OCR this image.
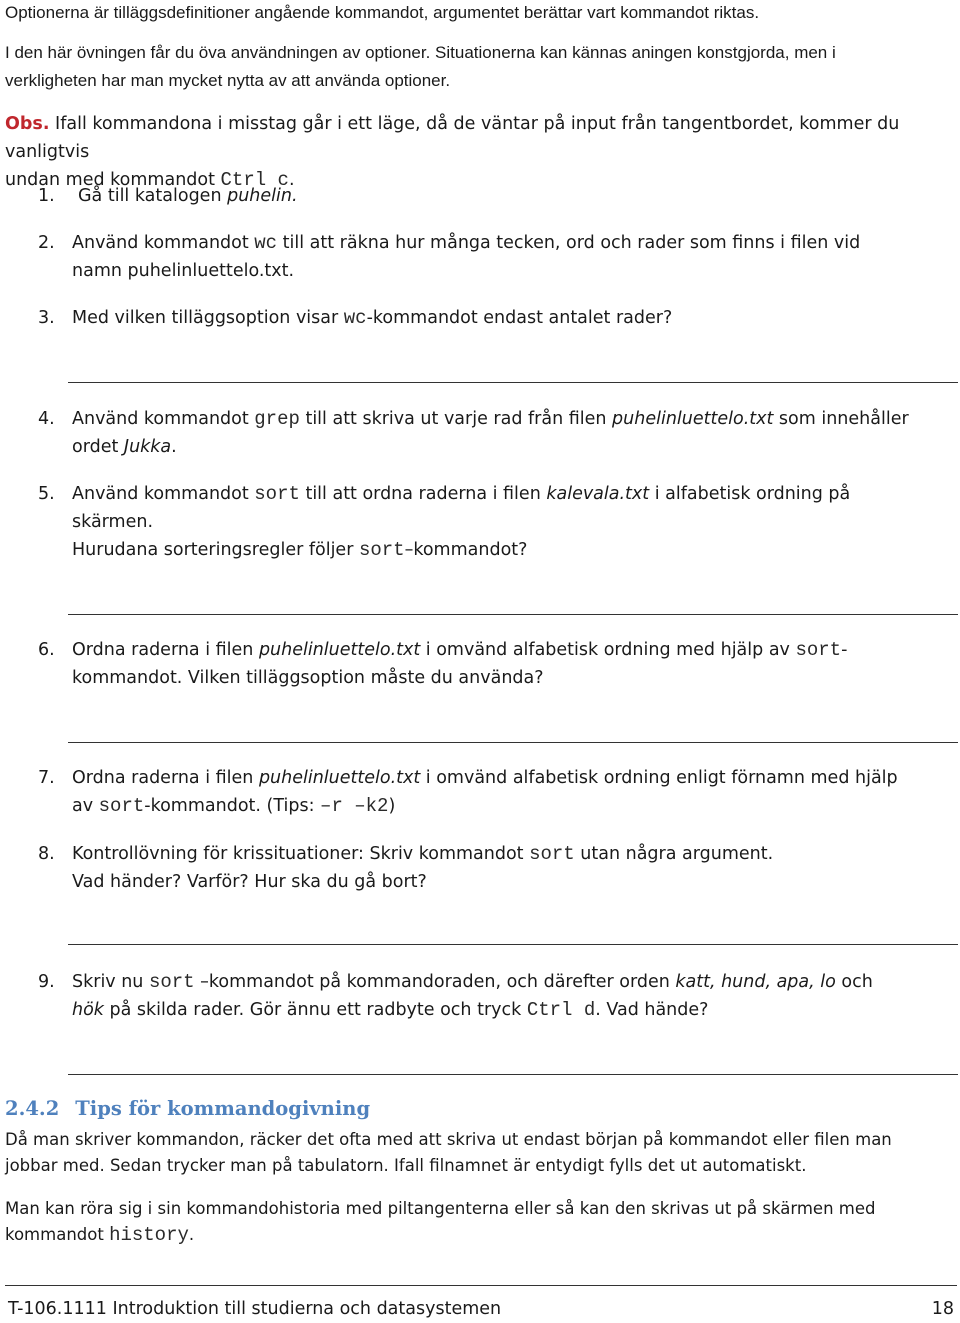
Optionerna är tilläggsdefinitioner angående kommandot, argumentet berättar vart kommandot riktas.
I den här övningen får du öva användningen av optioner. Situationerna kan kännas aningen konstgjorda, men i
verkligheten har man mycket nytta av att använda optioner.
Obs. Ifall kommandona i misstag går i ett läge, då de väntar på input från tangentbordet, kommer du vanligtvis
undan med kommandot Ctrl c.
1. Gå till katalogen puhelin.
2. Använd kommandot wc till att räkna hur många tecken, ord och rader som finns i filen vid
namn puhelinluettelo.txt.
3. Med vilken tilläggsoption visar wc-kommandot endast antalet rader?
4. Använd kommandot grep till att skriva ut varje rad från filen puhelinluettelo.txt som innehåller
ordet Jukka.
5. Använd kommandot sort till att ordna raderna i filen kalevala.txt i alfabetisk ordning på
skärmen.
Hurudana sorteringsregler följer sort–kommandot?
6. Ordna raderna i filen puhelinluettelo.txt i omvänd alfabetisk ordning med hjälp av sort-
kommandot. Vilken tilläggsoption måste du använda?
7. Ordna raderna i filen puhelinluettelo.txt i omvänd alfabetisk ordning enligt förnamn med hjälp
av sort-kommandot. (Tips: –r –k2)
8. Kontrollövning för krissituationer: Skriv kommandot sort utan några argument.
Vad händer? Varför? Hur ska du gå bort?
9. Skriv nu sort –kommandot på kommandoraden, och därefter orden katt, hund, apa, lo och
hök på skilda rader. Gör ännu ett radbyte och tryck Ctrl d. Vad hände?
2.4.2 Tips för kommandogivning
Då man skriver kommandon, räcker det ofta med att skriva ut endast början på kommandot eller filen man
jobbar med. Sedan trycker man på tabulatorn. Ifall filnamnet är entydigt fylls det ut automatiskt.
Man kan röra sig i sin kommandohistoria med piltangenterna eller så kan den skrivas ut på skärmen med
kommandot history.
T-106.1111 Introduktion till studierna och datasystemen	18
